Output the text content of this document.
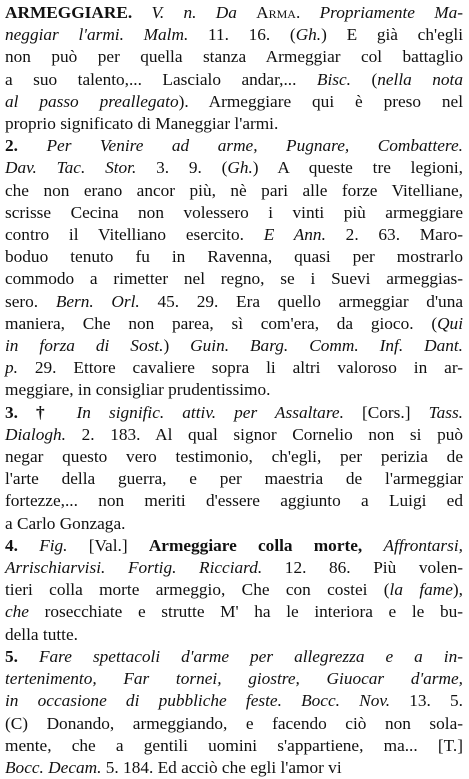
ARMEGGIARE. V. n. Da Arma. Propriamente Ma-
neggiar l'armi. Malm. 11. 16. (Gh.) E già ch'egli
non può per quella stanza Armeggiar col battaglio
a suo talento,... Lascialo andar,... Bisc. (nella nota
al passo preallegato). Armeggiare qui è preso nel
proprio significato di Maneggiar l'armi.
2. Per Venire ad arme, Pugnare, Combattere.
Dav. Tac. Stor. 3. 9. (Gh.) A queste tre legioni,
che non erano ancor più, nè pari alle forze Vitelliane,
scrisse Cecina non volessero i vinti più armeggiare
contro il Vitelliano esercito. E Ann. 2. 63. Maro-
boduo tenuto fu in Ravenna, quasi per mostrarlo
commodo a rimetter nel regno, se i Suevi armeggias-
sero. Bern. Orl. 45. 29. Era quello armeggiar d'una
maniera, Che non parea, sì com'era, da gioco. (Qui
in forza di Sost.) Guin. Barg. Comm. Inf. Dant.
p. 29. Ettore cavaliere sopra li altri valoroso in ar-
meggiare, in consigliar prudentissimo.
3. † In signific. attiv. per Assaltare. [Cors.] Tass.
Dialogh. 2. 183. Al qual signor Cornelio non si può
negar questo vero testimonio, ch'egli, per perizia de
l'arte della guerra, e per maestria de l'armeggiar
fortezze,... non meriti d'essere aggiunto a Luigi ed
a Carlo Gonzaga.
4. Fig. [Val.] Armeggiare colla morte, Affrontarsi,
Arrischiarvisi. Fortig. Ricciard. 12. 86. Più volen-
tieri colla morte armeggio, Che con costei (la fame),
che rosecchiate e strutte M' ha le interiora e le bu-
della tutte.
5. Fare spettacoli d'arme per allegrezza e a in-
tertenimento, Far torneі, giostre, Giuocar d'arme,
in occasione di pubbliche feste. Bocc. Nov. 13. 5.
(C) Donando, armeggiando, e facendo ciò non sola-
mente, che a gentili uomini s'appartiene, ma... [T.]
Bocc. Decam. 5. 184. Ed acciò che egli l'amor vi
